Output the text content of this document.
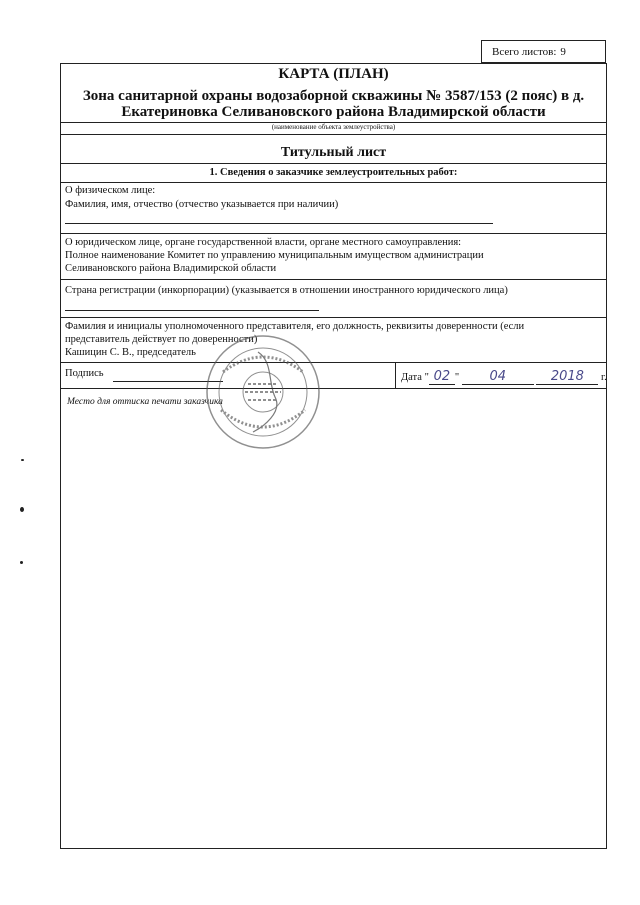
Всего листов: 9
КАРТА (ПЛАН)
Зона санитарной охраны водозаборной скважины № 3587/153 (2 пояс) в д. Екатериновка Селивановского района Владимирской области
(наименование объекта землеустройства)
Титульный лист
1. Сведения о заказчике землеустроительных работ:
О физическом лице:
Фамилия, имя, отчество (отчество указывается при наличии)
О юридическом лице, органе государственной власти, органе местного самоуправления:
Полное наименование Комитет по управлению муниципальным имуществом администрации
Селивановского района Владимирской области
Страна регистрации (инкорпорации) (указывается в отношении иностранного юридического лица)
Фамилия и инициалы уполномоченного представителя, его должность, реквизиты доверенности (если
представитель действует по доверенности)
Кашицин С. В., председатель
Подпись	Дата " 02 " 04	2018 г.
Место для оттиска печати заказчика
